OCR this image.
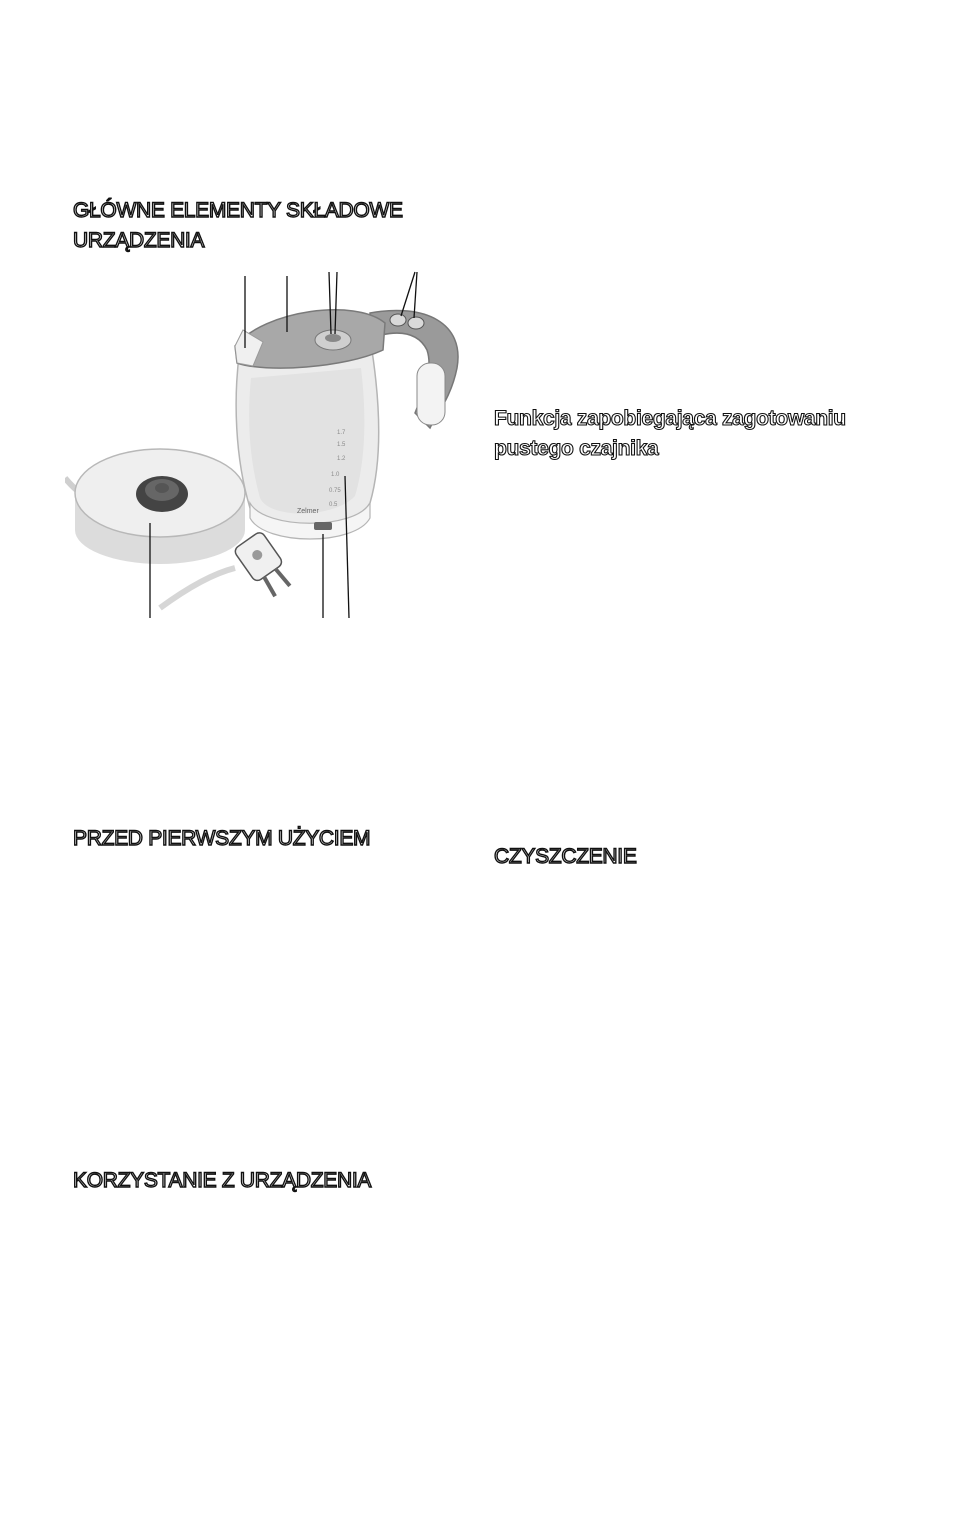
GŁÓWNE ELEMENTY SKŁADOWE
URZĄDZENIA
Zelmer
1.7
1.5
1.2
1.0
0.75
0.5
PRZED PIERWSZYM UŻYCIEM
KORZYSTANIE Z URZĄDZENIA
Funkcja zapobiegająca zagotowaniu
pustego czajnika
CZYSZCZENIE
